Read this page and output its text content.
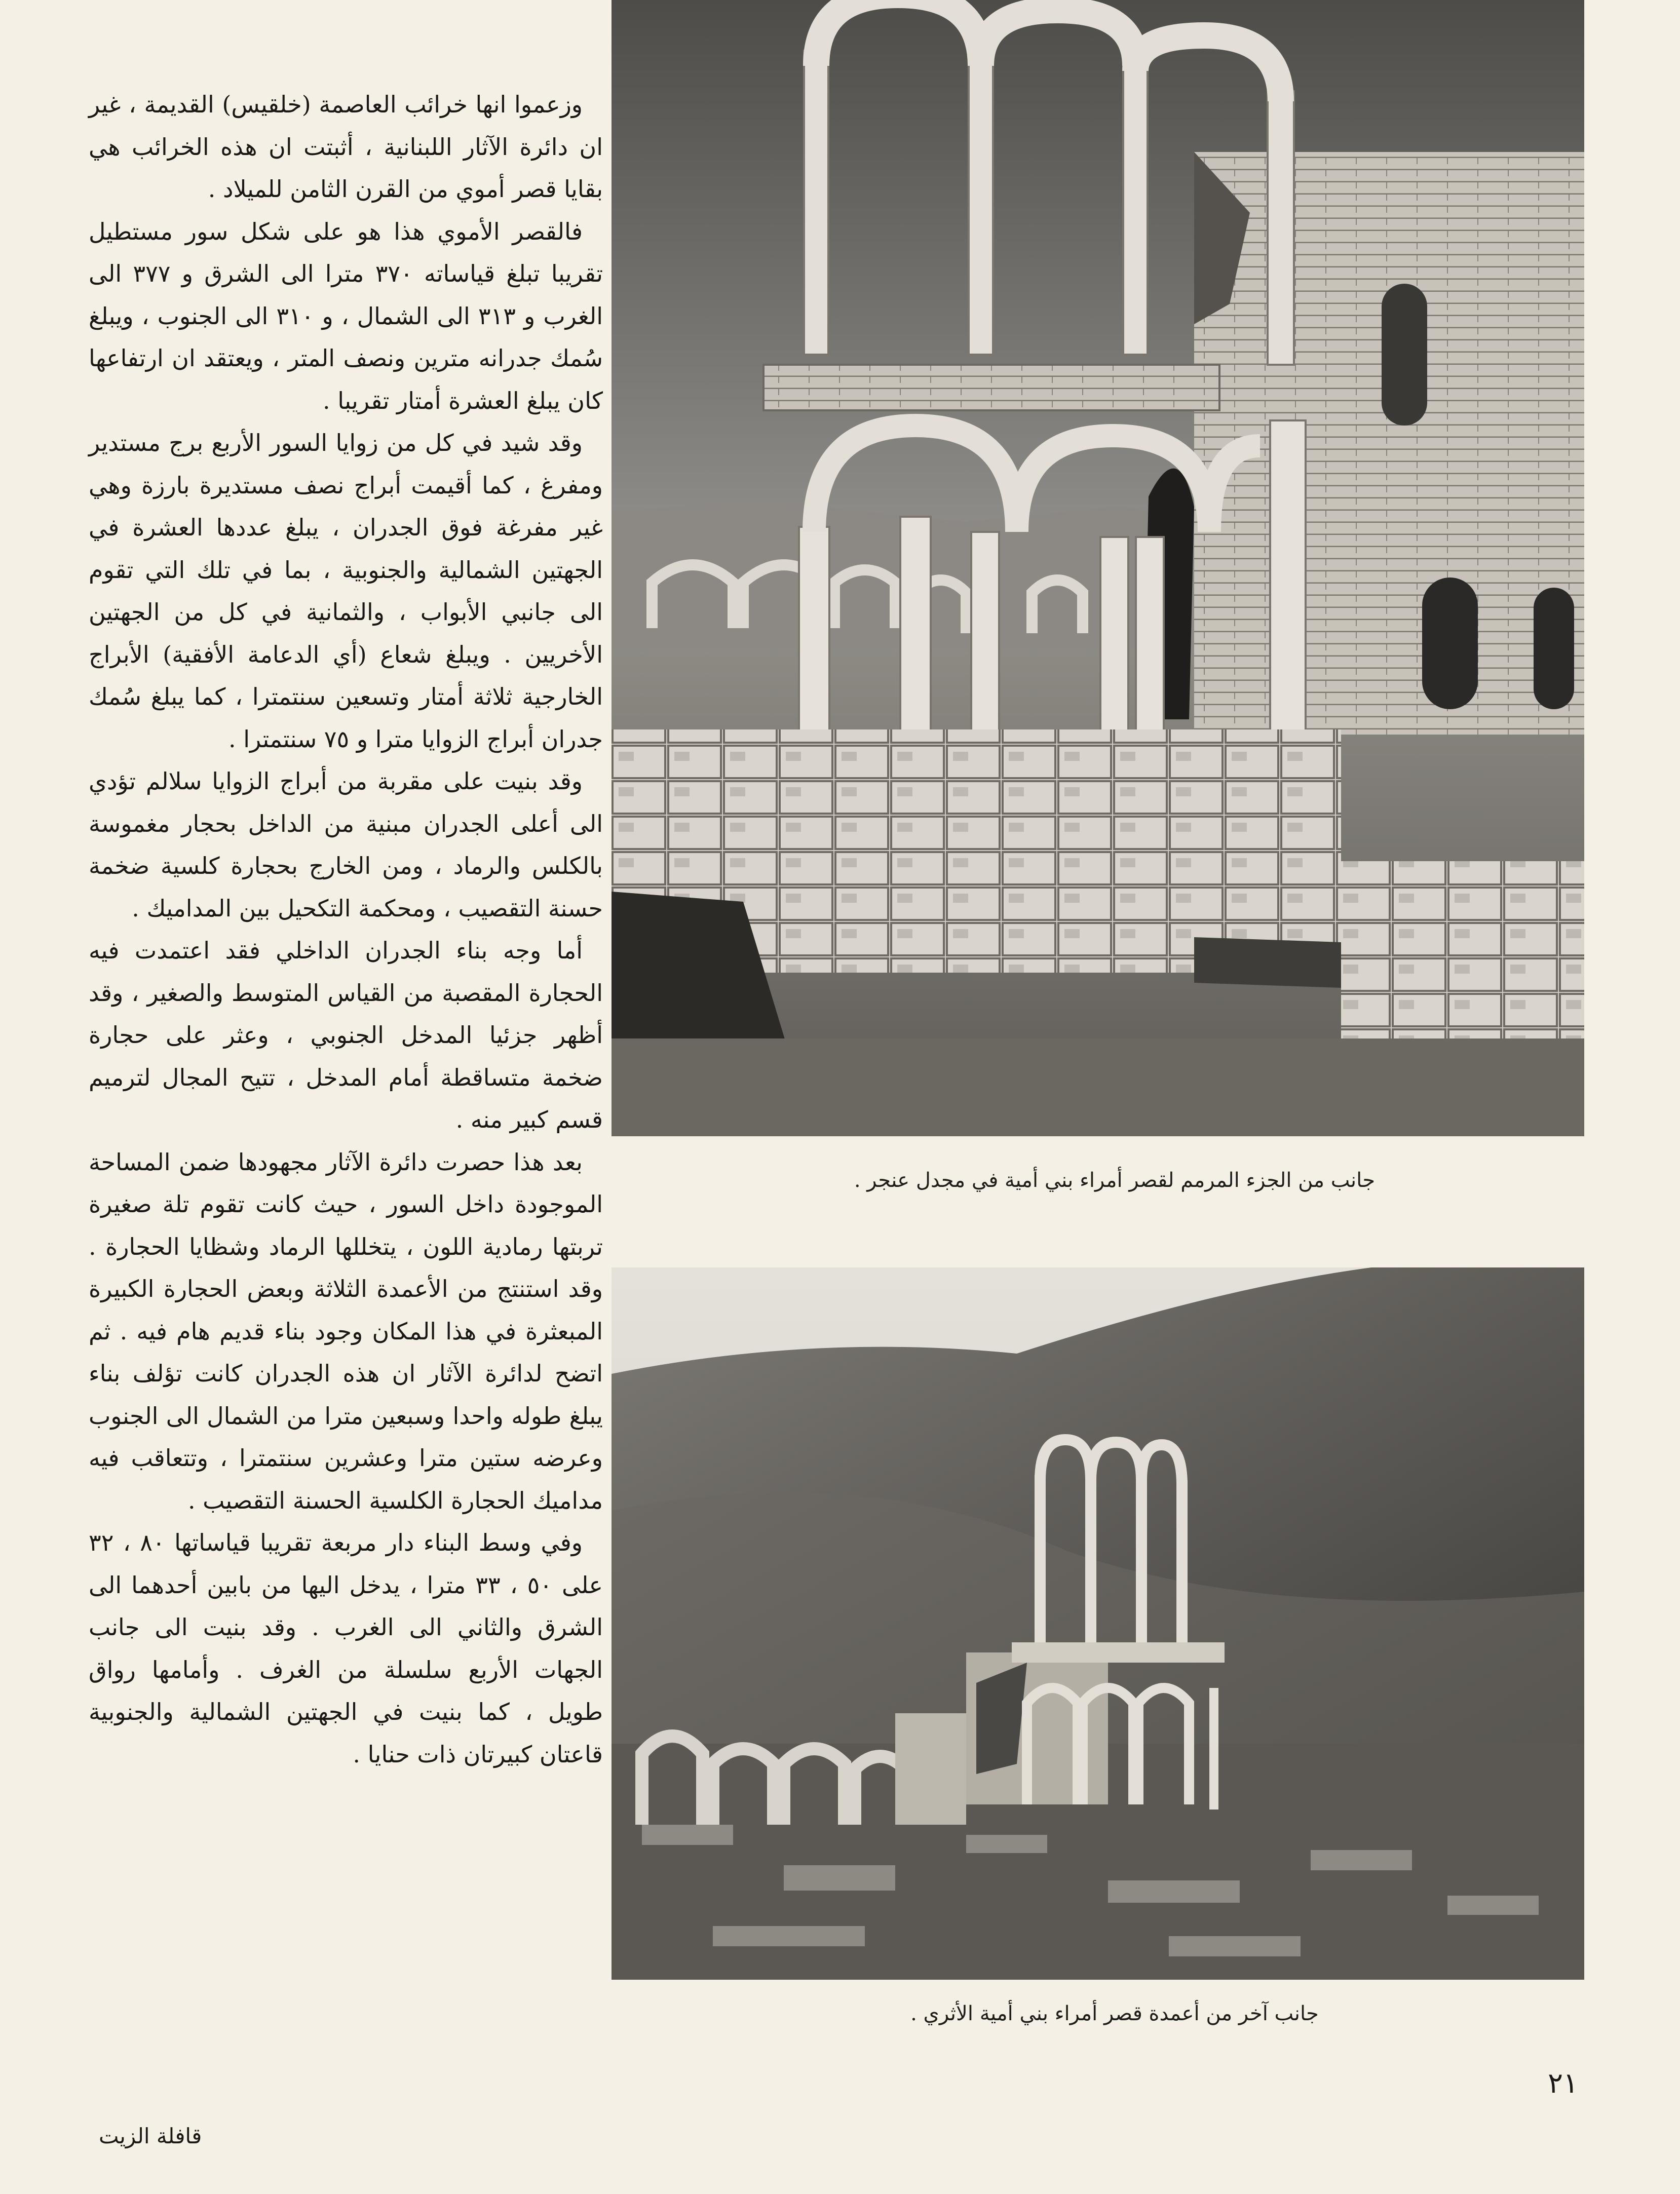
وزعموا انها خرائب العاصمة (خلقيس) القديمة ، غير ان دائرة الآثار اللبنانية ، أثبتت ان هذه الخرائب هي بقايا قصر أموي من القرن الثامن للميلاد .

فالقصر الأموي هذا هو على شكل سور مستطيل تقريبا تبلغ قياساته ٣٧٠ مترا الى الشرق و ٣٧٧ الى الغرب و ٣١٣ الى الشمال ، و ٣١٠ الى الجنوب ، ويبلغ سُمك جدرانه مترين ونصف المتر ، ويعتقد ان ارتفاعها كان يبلغ العشرة أمتار تقريبا .

وقد شيد في كل من زوايا السور الأربع برج مستدير ومفرغ ، كما أقيمت أبراج نصف مستديرة بارزة وهي غير مفرغة فوق الجدران ، يبلغ عددها العشرة في الجهتين الشمالية والجنوبية ، بما في تلك التي تقوم الى جانبي الأبواب ، والثمانية في كل من الجهتين الأخريين . ويبلغ شعاع (أي الدعامة الأفقية) الأبراج الخارجية ثلاثة أمتار وتسعين سنتمترا ، كما يبلغ سُمك جدران أبراج الزوايا مترا و ٧٥ سنتمترا .

وقد بنيت على مقربة من أبراج الزوايا سلالم تؤدي الى أعلى الجدران مبنية من الداخل بحجار مغموسة بالكلس والرماد ، ومن الخارج بحجارة كلسية ضخمة حسنة التقصيب ، ومحكمة التكحيل بين المداميك .

أما وجه بناء الجدران الداخلي فقد اعتمدت فيه الحجارة المقصبة من القياس المتوسط والصغير ، وقد أظهر جزئيا المدخل الجنوبي ، وعثر على حجارة ضخمة متساقطة أمام المدخل ، تتيح المجال لترميم قسم كبير منه .

بعد هذا حصرت دائرة الآثار مجهودها ضمن المساحة الموجودة داخل السور ، حيث كانت تقوم تلة صغيرة تربتها رمادية اللون ، يتخللها الرماد وشظايا الحجارة . وقد استنتج من الأعمدة الثلاثة وبعض الحجارة الكبيرة المبعثرة في هذا المكان وجود بناء قديم هام فيه . ثم اتضح لدائرة الآثار ان هذه الجدران كانت تؤلف بناء يبلغ طوله واحدا وسبعين مترا من الشمال الى الجنوب وعرضه ستين مترا وعشرين سنتمترا ، وتتعاقب فيه مداميك الحجارة الكلسية الحسنة التقصيب .

وفي وسط البناء دار مربعة تقريبا قياساتها ٨٠ ، ٣٢ على ٥٠ ، ٣٣ مترا ، يدخل اليها من بابين أحدهما الى الشرق والثاني الى الغرب . وقد بنيت الى جانب الجهات الأربع سلسلة من الغرف . وأمامها رواق طويل ، كما بنيت في الجهتين الشمالية والجنوبية قاعتان كبيرتان ذات حنايا .

جانب من الجزء المرمم لقصر أمراء بني أمية في مجدل عنجر .
جانب آخر من أعمدة قصر أمراء بني أمية الأثري .
٢١
قافلة الزيت
